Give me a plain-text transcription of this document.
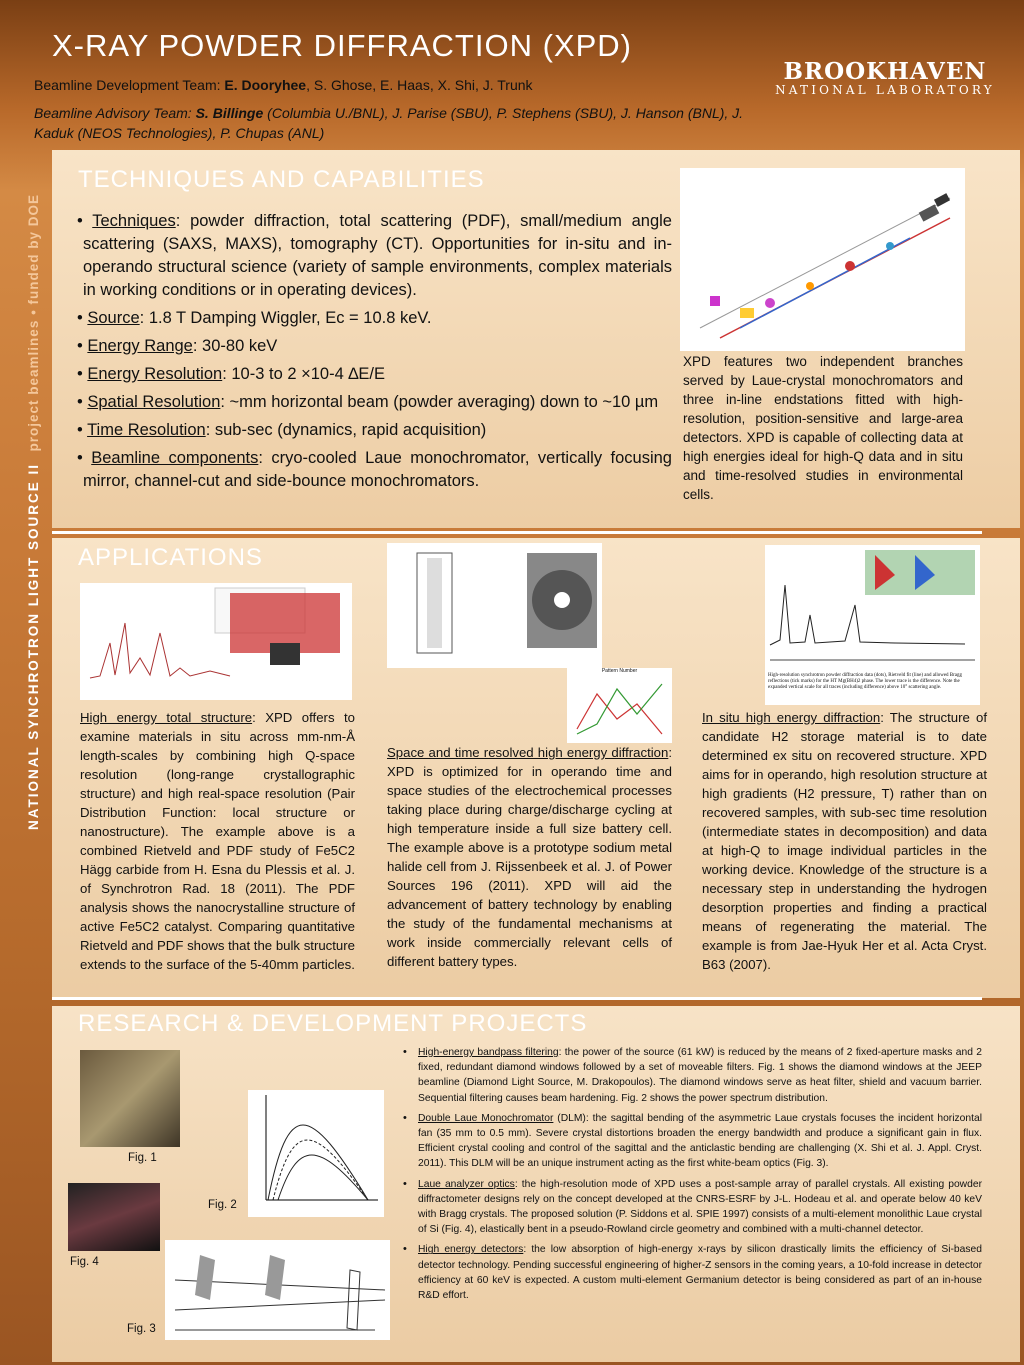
X-RAY POWDER DIFFRACTION (XPD)
Beamline Development Team: E. Dooryhee, S. Ghose, E. Haas, X. Shi, J. Trunk
Beamline Advisory Team: S. Billinge (Columbia U./BNL), J. Parise (SBU), P. Stephens (SBU), J. Hanson (BNL), J. Kaduk (NEOS Technologies), P. Chupas (ANL)
BROOKHAVEN
NATIONAL LABORATORY
NATIONAL SYNCHROTRON LIGHT SOURCE II  project beamlines • funded by DOE
TECHNIQUES AND CAPABILITIES
• Techniques: powder diffraction, total scattering (PDF), small/medium angle scattering (SAXS, MAXS), tomography (CT). Opportunities for in-situ and in-operando structural science (variety of sample environments, complex materials in working conditions or in operating devices).
• Source: 1.8 T Damping Wiggler, Ec = 10.8 keV.
• Energy Range: 30-80 keV
• Energy Resolution: 10-3 to 2 ×10-4 ∆E/E
• Spatial Resolution: ~mm horizontal beam (powder averaging) down to ~10 µm
• Time Resolution: sub-sec (dynamics, rapid acquisition)
• Beamline components: cryo-cooled Laue monochromator, vertically focusing mirror, channel-cut and side-bounce monochromators.
XPD features two independent branches served by Laue-crystal monochromators and three in-line endstations fitted with high-resolution, position-sensitive and large-area detectors. XPD is capable of collecting data at high energies ideal for high-Q data and in situ and time-resolved studies in environmental cells.
APPLICATIONS
Pattern Number
High-resolution synchrotron powder diffraction data (dots), Rietveld fit (line) and allowed Bragg reflections (tick marks) for the HT Mg(BH4)2 phase. The lower trace is the difference. Note the expanded vertical scale for all traces (including difference) above 10° scattering angle.
High energy total structure: XPD offers to examine materials in situ across mm-nm-Å length-scales by combining high Q-space resolution (long-range crystallographic structure) and high real-space resolution (Pair Distribution Function: local structure or nanostructure). The example above is a combined Rietveld and PDF study of Fe5C2 Hägg carbide from H. Esna du Plessis et al. J. of Synchrotron Rad. 18 (2011). The PDF analysis shows the nanocrystalline structure of active Fe5C2 catalyst. Comparing quantitative Rietveld and PDF shows that the bulk structure extends to the surface of the 5-40mm particles.
Space and time resolved high energy diffraction: XPD is optimized for in operando time and space studies of the electrochemical processes taking place during charge/discharge cycling at high temperature inside a full size battery cell. The example above is a prototype sodium metal halide cell from J. Rijssenbeek et al. J. of Power Sources 196 (2011). XPD will aid the advancement of battery technology by enabling the study of the fundamental mechanisms at work inside commercially relevant cells of different battery types.
In situ high energy diffraction: The structure of candidate H2 storage material is to date determined ex situ on recovered structure. XPD aims for in operando, high resolution structure at high gradients (H2 pressure, T) rather than on recovered samples, with sub-sec time resolution (intermediate states in decomposition) and data at high-Q to image individual particles in the working device. Knowledge of the structure is a necessary step in understanding the hydrogen desorption properties and finding a practical means of regenerating the material. The example is from Jae-Hyuk Her et al. Acta Cryst. B63 (2007).
RESEARCH & DEVELOPMENT PROJECTS
Fig. 1
Fig. 2
Fig. 4
Fig. 3
• High-energy bandpass filtering: the power of the source (61 kW) is reduced by the means of 2 fixed-aperture masks and 2 fixed, redundant diamond windows followed by a set of moveable filters. Fig. 1 shows the diamond windows at the JEEP beamline (Diamond Light Source, M. Drakopoulos). The diamond windows serve as heat filter, shield and vacuum barrier. Sequential filtering causes beam hardening. Fig. 2 shows the power spectrum distribution.
• Double Laue Monochromator (DLM): the sagittal bending of the asymmetric Laue crystals focuses the incident horizontal fan (35 mm to 0.5 mm). Severe crystal distortions broaden the energy bandwidth and produce a significant gain in flux. Efficient crystal cooling and control of the sagittal and the anticlastic bending are challenging (X. Shi et al. J. Appl. Cryst. 2011). This DLM will be an unique instrument acting as the first white-beam optics (Fig. 3).
• Laue analyzer optics: the high-resolution mode of XPD uses a post-sample array of parallel crystals. All existing powder diffractometer designs rely on the concept developed at the CNRS-ESRF by J-L. Hodeau et al. and operate below 40 keV with Bragg crystals. The proposed solution (P. Siddons et al. SPIE 1997) consists of a multi-element monolithic Laue crystal of Si (Fig. 4), elastically bent in a pseudo-Rowland circle geometry and combined with a multi-channel detector.
• High energy detectors: the low absorption of high-energy x-rays by silicon drastically limits the efficiency of Si-based detector technology. Pending successful engineering of higher-Z sensors in the coming years, a 10-fold increase in detector efficiency at 60 keV is expected. A custom multi-element Germanium detector is being considered as part of an in-house R&D effort.
